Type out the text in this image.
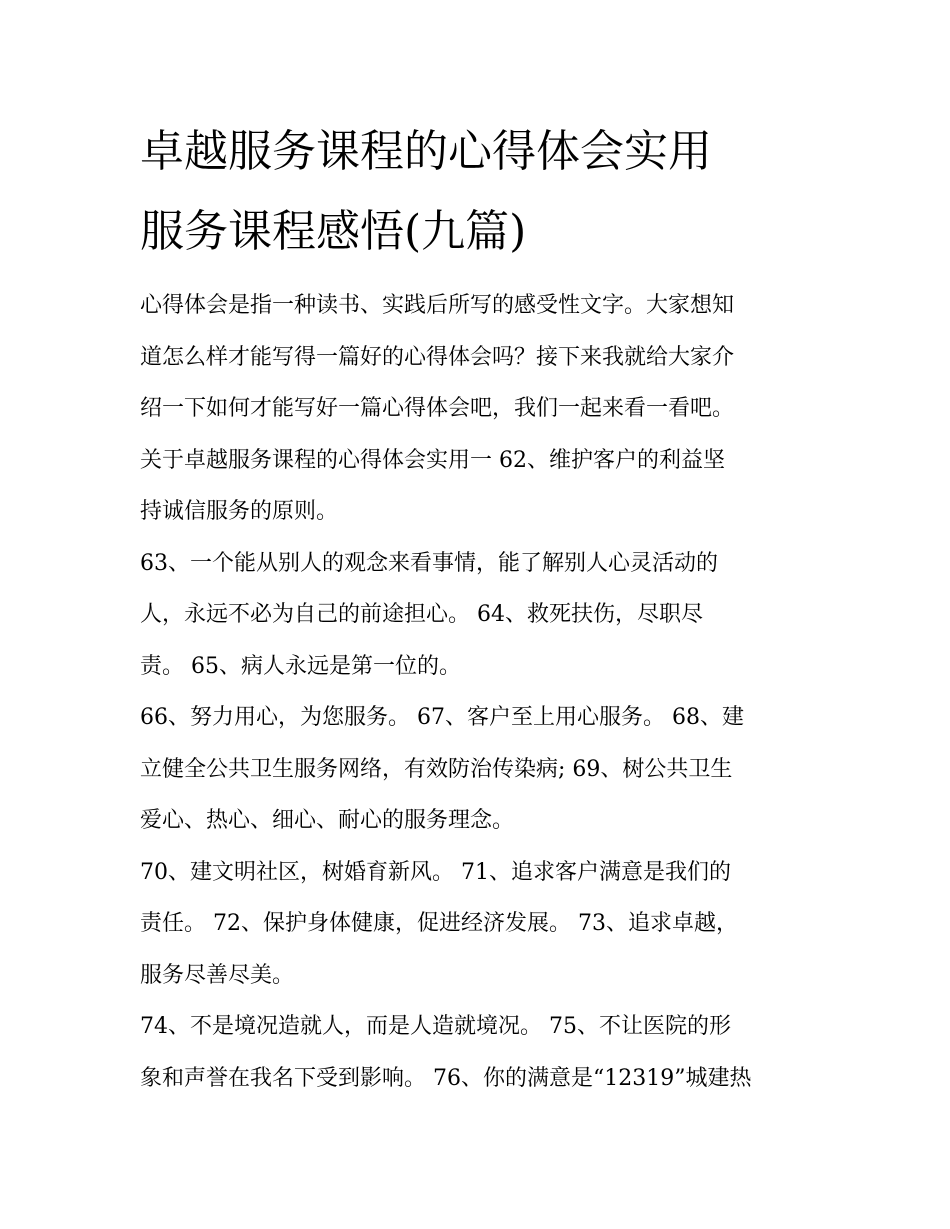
卓越服务课程的心得体会实用
服务课程感悟(九篇)
心得体会是指一种读书、实践后所写的感受性文字。大家想知
道怎么样才能写得一篇好的心得体会吗？接下来我就给大家介
绍一下如何才能写好一篇心得体会吧，我们一起来看一看吧。
关于卓越服务课程的心得体会实用一 62、维护客户的利益坚
持诚信服务的原则。
63、一个能从别人的观念来看事情，能了解别人心灵活动的
人，永远不必为自己的前途担心。 64、救死扶伤，尽职尽
责。 65、病人永远是第一位的。
66、努力用心，为您服务。 67、客户至上用心服务。 68、建
立健全公共卫生服务网络，有效防治传染病; 69、树公共卫生
爱心、热心、细心、耐心的服务理念。
70、建文明社区，树婚育新风。 71、追求客户满意是我们的
责任。 72、保护身体健康，促进经济发展。 73、追求卓越，
服务尽善尽美。
74、不是境况造就人，而是人造就境况。 75、不让医院的形
象和声誉在我名下受到影响。 76、你的满意是“12319”城建热
